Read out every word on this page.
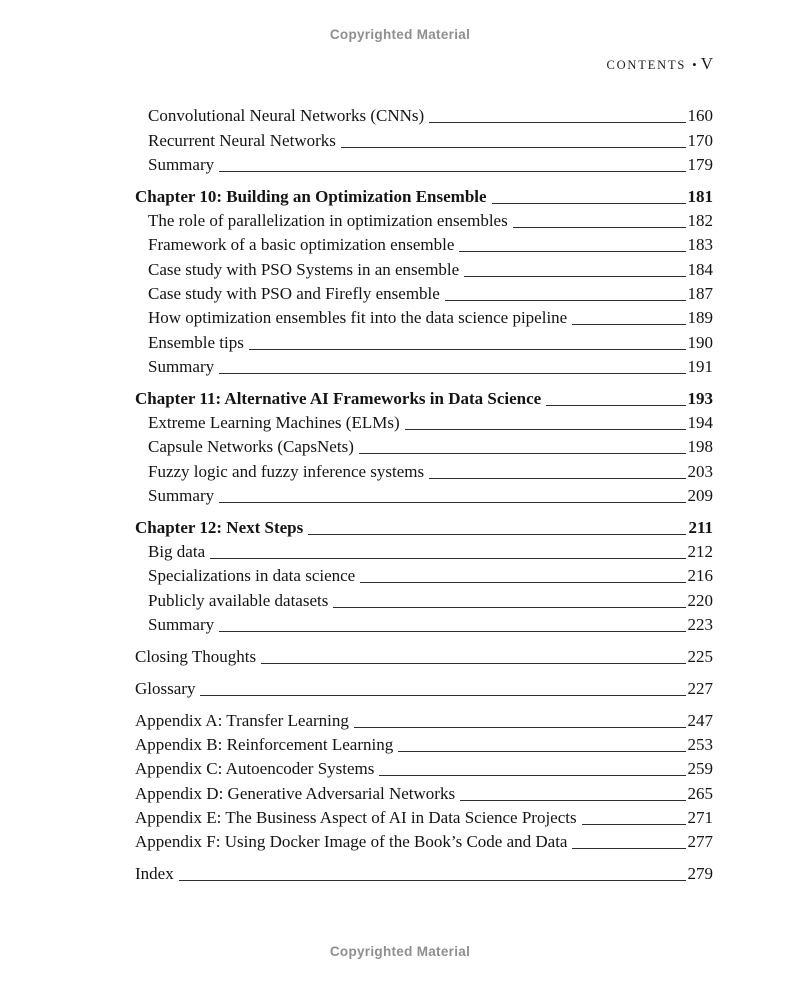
Copyrighted Material
CONTENTS • V
Convolutional Neural Networks (CNNs)	160
Recurrent Neural Networks	170
Summary	179
Chapter 10: Building an Optimization Ensemble	181
The role of parallelization in optimization ensembles	182
Framework of a basic optimization ensemble	183
Case study with PSO Systems in an ensemble	184
Case study with PSO and Firefly ensemble	187
How optimization ensembles fit into the data science pipeline	189
Ensemble tips	190
Summary	191
Chapter 11: Alternative AI Frameworks in Data Science	193
Extreme Learning Machines (ELMs)	194
Capsule Networks (CapsNets)	198
Fuzzy logic and fuzzy inference systems	203
Summary	209
Chapter 12: Next Steps	211
Big data	212
Specializations in data science	216
Publicly available datasets	220
Summary	223
Closing Thoughts	225
Glossary	227
Appendix A: Transfer Learning	247
Appendix B: Reinforcement Learning	253
Appendix C: Autoencoder Systems	259
Appendix D: Generative Adversarial Networks	265
Appendix E: The Business Aspect of AI in Data Science Projects	271
Appendix F: Using Docker Image of the Book’s Code and Data	277
Index	279
Copyrighted Material
